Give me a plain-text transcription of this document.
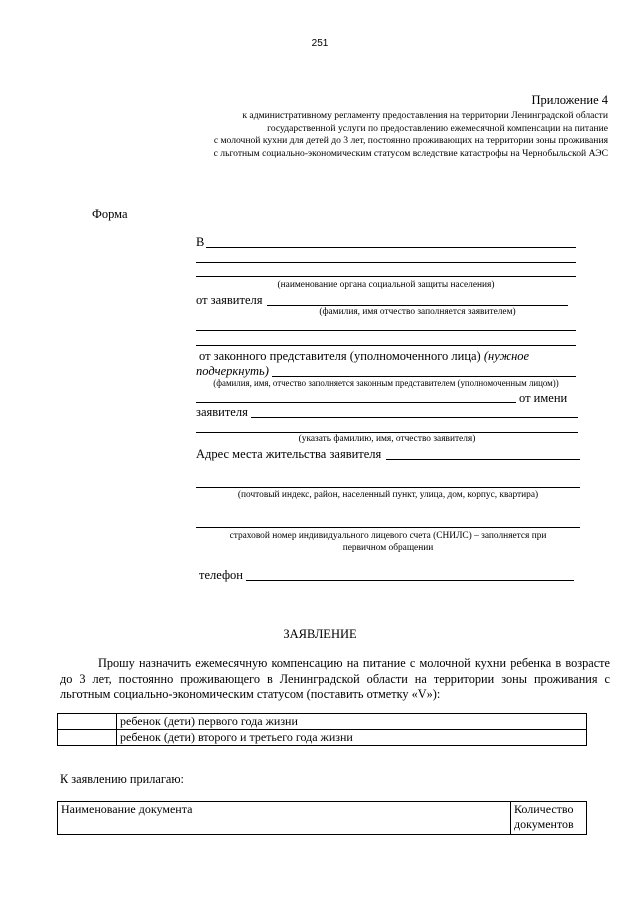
251
Приложение 4
к административному регламенту предоставления на территории Ленинградской области
государственной услуги по предоставлению ежемесячной компенсации на питание
с молочной кухни для детей до 3 лет, постоянно проживающих на территории зоны проживания
с льготным социально-экономическим статусом вследствие катастрофы на Чернобыльской АЭС
Форма
В
(наименование органа социальной защиты населения)
от заявителя
(фамилия, имя отчество заполняется заявителем)
от законного представителя (уполномоченного лица) (нужное
подчеркнуть)
(фамилия, имя, отчество заполняется законным представителем (уполномоченным лицом))
от имени
заявителя
(указать фамилию, имя, отчество заявителя)
Адрес места жительства заявителя
(почтовый индекс, район, населенный пункт, улица, дом, корпус, квартира)
страховой номер индивидуального лицевого счета (СНИЛС) – заполняется при
первичном обращении
телефон
ЗАЯВЛЕНИЕ
Прошу назначить ежемесячную компенсацию на питание с молочной кухни ребенка в возрасте до 3 лет, постоянно проживающего в Ленинградской области на территории зоны проживания с льготным социально-экономическим статусом (поставить отметку «V»):
	ребенок (дети) первого года жизни
	ребенок (дети) второго и третьего года жизни
К заявлению прилагаю:
Наименование документа	Количество
документов
